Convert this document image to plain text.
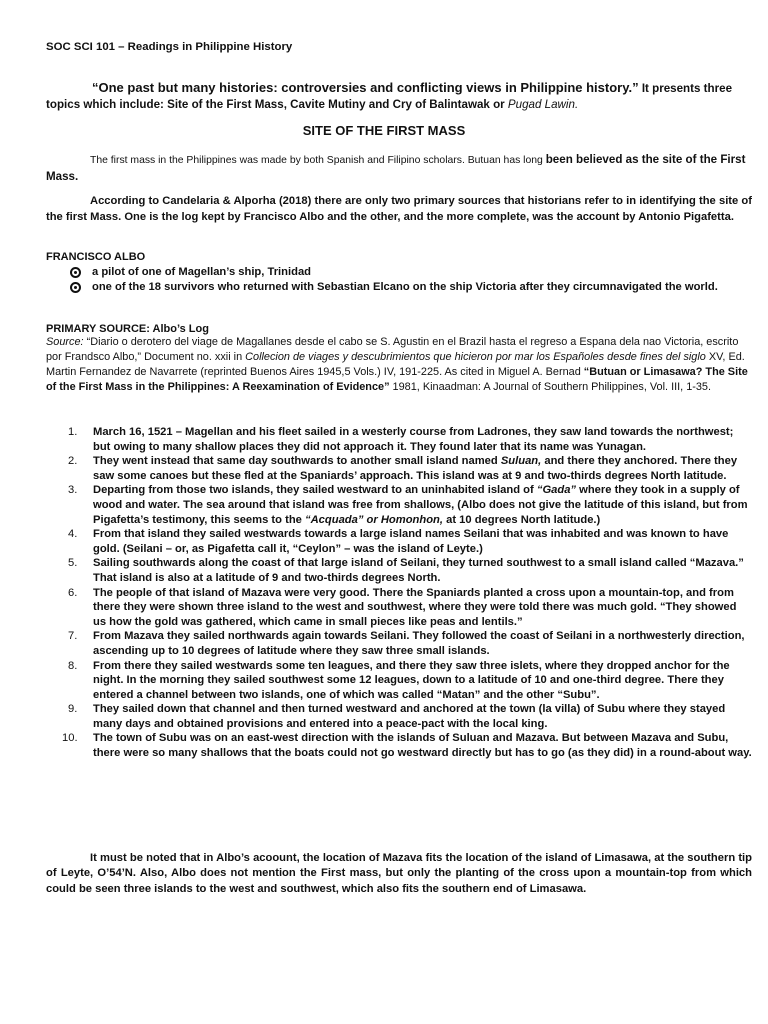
SOC SCI 101 – Readings in Philippine History
“One past but many histories: controversies and conflicting views in Philippine history.” It presents three topics which include: Site of the First Mass, Cavite Mutiny and Cry of Balintawak or Pugad Lawin.
SITE OF THE FIRST MASS
The first mass in the Philippines was made by both Spanish and Filipino scholars. Butuan has long been believed as the site of the First Mass.
According to Candelaria & Alporha (2018) there are only two primary sources that historians refer to in identifying the site of the first Mass. One is the log kept by Francisco Albo and the other, and the more complete, was the account by Antonio Pigafetta.
FRANCISCO ALBO
a pilot of one of Magellan’s ship, Trinidad
one of the 18 survivors who returned with Sebastian Elcano on the ship Victoria after they circumnavigated the world.
PRIMARY SOURCE: Albo’s Log
Source: “Diario o derotero del viage de Magallanes desde el cabo se S. Agustin en el Brazil hasta el regreso a Espana dela nao Victoria, escrito por Frandsco Albo,” Document no. xxii in Collecion de viages y descubrimientos que hicieron por mar los Españoles desde fines del siglo XV, Ed. Martin Fernandez de Navarrete (reprinted Buenos Aires 1945,5 Vols.) IV, 191-225. As cited in Miguel A. Bernad “Butuan or Limasawa? The Site of the First Mass in the Philippines: A Reexamination of Evidence” 1981, Kinaadman: A Journal of Southern Philippines, Vol. III, 1-35.
1. March 16, 1521 – Magellan and his fleet sailed in a westerly course from Ladrones, they saw land towards the northwest; but owing to many shallow places they did not approach it. They found later that its name was Yunagan.
2. They went instead that same day southwards to another small island named Suluan, and there they anchored. There they saw some canoes but these fled at the Spaniards’ approach. This island was at 9 and two-thirds degrees North latitude.
3. Departing from those two islands, they sailed westward to an uninhabited island of “Gada” where they took in a supply of wood and water. The sea around that island was free from shallows, (Albo does not give the latitude of this island, but from Pigafetta’s testimony, this seems to the “Acquada” or Homonhon, at 10 degrees North latitude.)
4. From that island they sailed westwards towards a large island names Seilani that was inhabited and was known to have gold. (Seilani – or, as Pigafetta call it, “Ceylon” – was the island of Leyte.)
5. Sailing southwards along the coast of that large island of Seilani, they turned southwest to a small island called “Mazava.” That island is also at a latitude of 9 and two-thirds degrees North.
6. The people of that island of Mazava were very good. There the Spaniards planted a cross upon a mountain-top, and from there they were shown three island to the west and southwest, where they were told there was much gold. “They showed us how the gold was gathered, which came in small pieces like peas and lentils.”
7. From Mazava they sailed northwards again towards Seilani. They followed the coast of Seilani in a northwesterly direction, ascending up to 10 degrees of latitude where they saw three small islands.
8. From there they sailed westwards some ten leagues, and there they saw three islets, where they dropped anchor for the night. In the morning they sailed southwest some 12 leagues, down to a latitude of 10 and one-third degree. There they entered a channel between two islands, one of which was called “Matan” and the other “Subu”.
9. They sailed down that channel and then turned westward and anchored at the town (la villa) of Subu where they stayed many days and obtained provisions and entered into a peace-pact with the local king.
10. The town of Subu was on an east-west direction with the islands of Suluan and Mazava. But between Mazava and Subu, there were so many shallows that the boats could not go westward directly but has to go (as they did) in a round-about way.
It must be noted that in Albo’s acoount, the location of Mazava fits the location of the island of Limasawa, at the southern tip of Leyte, O’54’N. Also, Albo does not mention the First mass, but only the planting of the cross upon a mountain-top from which could be seen three islands to the west and southwest, which also fits the southern end of Limasawa.
